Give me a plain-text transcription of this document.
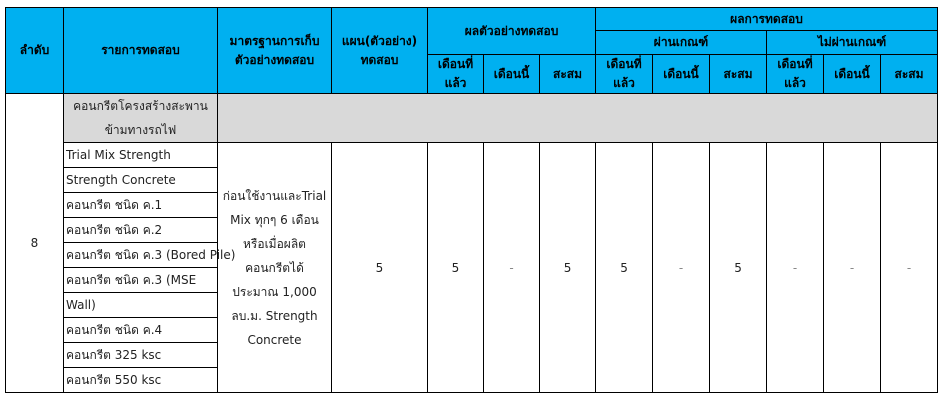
ลำดับ	รายการทดสอบ	มาตรฐานการเก็บตัวอย่างทดสอบ	แผน(ตัวอย่าง) ทดสอบ	ผลตัวอย่างทดสอบ			ผลการทดสอบ					
							ผ่านเกณฑ์			ไม่ผ่านเกณฑ์		
				เดือนที่แล้ว	เดือนนี้	สะสม	เดือนที่แล้ว	เดือนนี้	สะสม	เดือนที่แล้ว	เดือนนี้	สะสม
8	คอนกรีตโครงสร้างสะพานข้ามทางรถไฟ											
	Trial Mix Strength	ก่อนใช้งานและTrial Mix ทุกๆ 6 เดือน หรือเมื่อผลิตคอนกรีตได้ประมาณ 1,000 ลบ.ม. Strength Concrete	5	5	-	5	5	-	5	-	-	-
	Strength Concrete											
	คอนกรีต ชนิด ค.1											
	คอนกรีต ชนิด ค.2											
	คอนกรีต ชนิด ค.3 (Bored Pile)											
	คอนกรีต ชนิด ค.3 (MSE											
	Wall)											
	คอนกรีต ชนิด ค.4											
	คอนกรีต 325 ksc											
	คอนกรีต 550 ksc											
